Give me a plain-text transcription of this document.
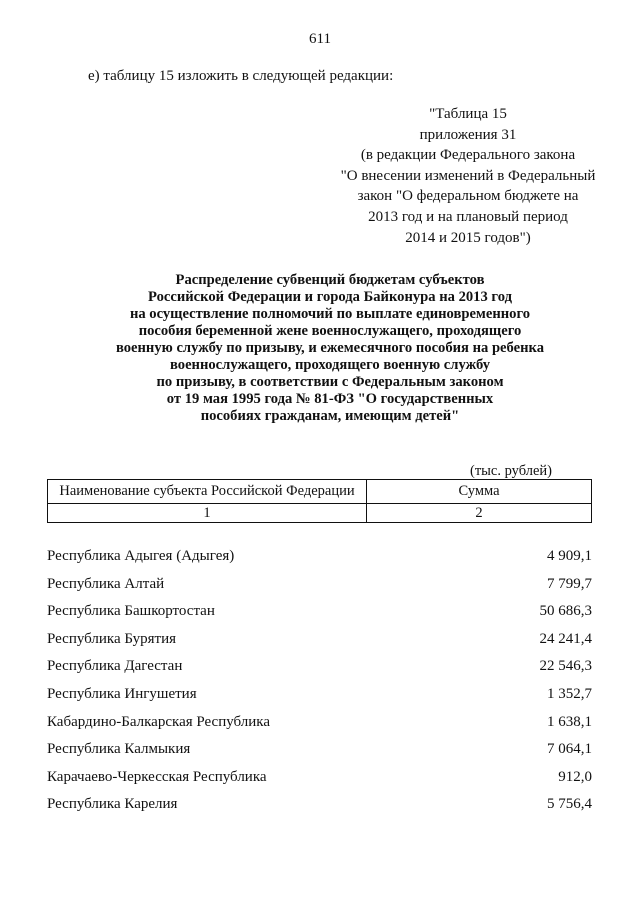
611
е) таблицу 15 изложить в следующей редакции:
"Таблица 15
приложения 31
(в редакции Федерального закона
"О внесении изменений в Федеральный
закон "О федеральном бюджете на
2013 год и на плановый период
2014 и 2015 годов")
Распределение субвенций бюджетам субъектов
Российской Федерации и города Байконура на 2013 год
на осуществление полномочий по выплате единовременного
пособия беременной жене военнослужащего, проходящего
военную службу по призыву, и ежемесячного пособия на ребенка
военнослужащего, проходящего военную службу
по призыву, в соответствии с Федеральным законом
от 19 мая 1995 года № 81-ФЗ "О государственных
пособиях гражданам, имеющим детей"
(тыс. рублей)
Наименование субъекта Российской Федерации	Сумма
1	2
Республика Адыгея (Адыгея)	4 909,1
Республика Алтай	7 799,7
Республика Башкортостан	50 686,3
Республика Бурятия	24 241,4
Республика Дагестан	22 546,3
Республика Ингушетия	1 352,7
Кабардино-Балкарская Республика	1 638,1
Республика Калмыкия	7 064,1
Карачаево-Черкесская Республика	912,0
Республика Карелия	5 756,4
